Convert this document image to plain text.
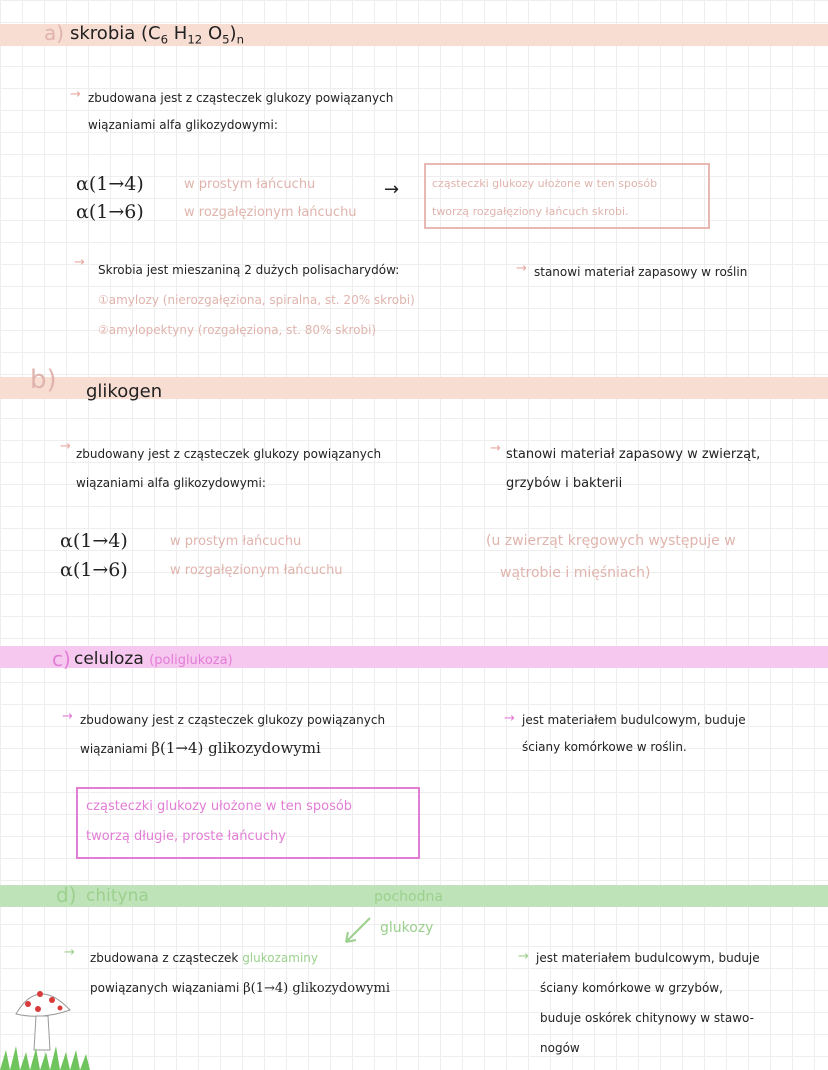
a) skrobia ($C_6$ $H_{12}$ $O_5)_n$
→ zbudowana jest z cząsteczek glukozy powiązanych
wiązaniami alfa glikozydowymi:
α(1→4)	w prostym łańcuchu
α(1→6)	w rozgałęzionym łańcuchu
→	cząsteczki glukozy ułożone w ten sposób
tworzą rozgałęziony łańcuch skrobi.
→ Skrobia jest mieszaniną 2 dużych polisacharydów:
①amylozy (nierozgałęziona, spiralna, st. 20% skrobi)
②amylopektyny (rozgałęziona, st. 80% skrobi)
→ stanowi materiał zapasowy w roślin
b) glikogen
→ zbudowany jest z cząsteczek glukozy powiązanych
wiązaniami alfa glikozydowymi:
α(1→4)	w prostym łańcuchu
α(1→6)	w rozgałęzionym łańcuchu
→ stanowi materiał zapasowy w zwierząt,
grzybów i bakterii
(u zwierząt kręgowych występuje w
wątrobie i mięśniach)
c) celuloza (poliglukoza)
→ zbudowany jest z cząsteczek glukozy powiązanych
wiązaniami β(1→4) glikozydowymi
cząsteczki glukozy ułożone w ten sposób
tworzą długie, proste łańcuchy
→ jest materiałem budulcowym, buduje
ściany komórkowe w roślin.
d) chityna	pochodna
glukozy
→ zbudowana z cząsteczek glukozaminy
powiązanych wiązaniami β(1→4) glikozydowymi
→ jest materiałem budulcowym, buduje
ściany komórkowe w grzybów,
buduje oskórek chitynowy w stawo-
nogów
